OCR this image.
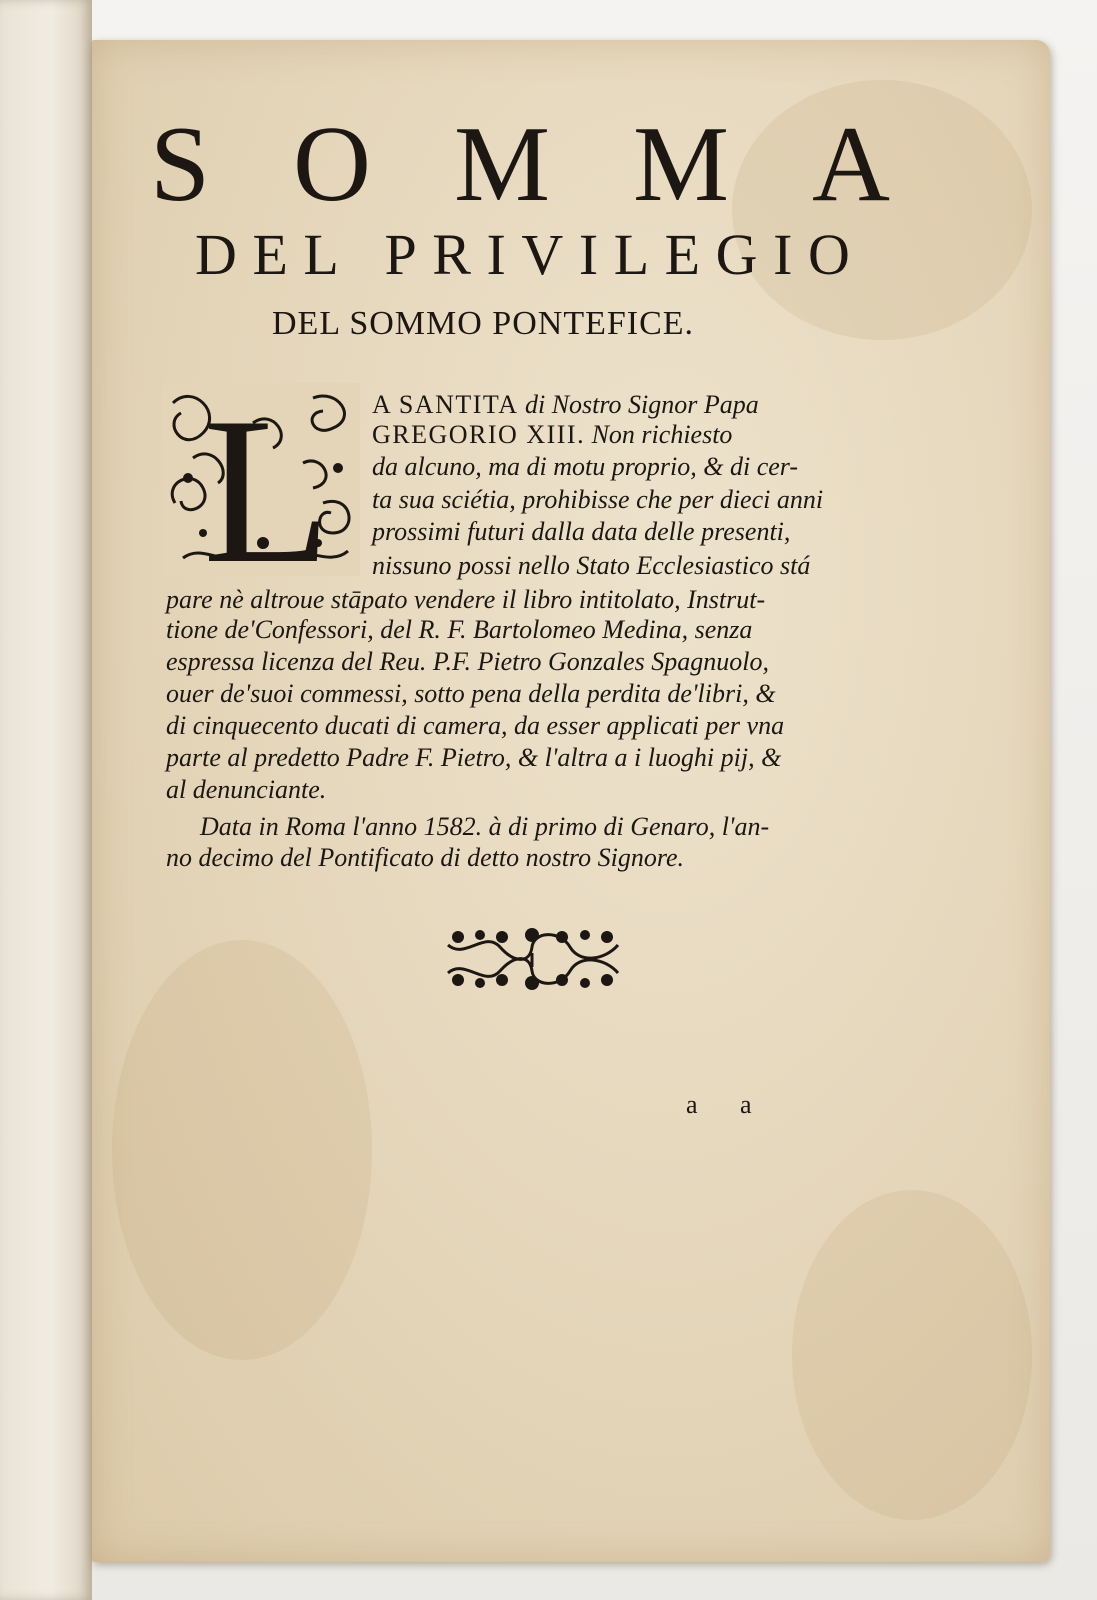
S O M M A
D E L
P R I V I L E G I O
DEL SOMMO PONTEFICE.
L A SANTITA di Nostro Signor Papa
GREGORIO XIII. Non richiesto
da alcuno, ma di motu proprio, & di cer-
ta sua sciétia, prohibisse che per dieci anni
prossimi futuri dalla data delle presenti,
nissuno possi nello Stato Ecclesiastico stá
pare nè altroue stāpato vendere il libro intitolato, Instrut-
tione de'Confessori, del R. F. Bartolomeo Medina, senza
espressa licenza del Reu. P.F. Pietro Gonzales Spagnuolo,
ouer de'suoi commessi, sotto pena della perdita de'libri, &
di cinquecento ducati di camera, da esser applicati per vna
parte al predetto Padre F. Pietro, & l'altra a i luoghi pij, &
al denunciante.
Data in Roma l'anno 1582. à di primo di Genaro, l'an-
no decimo del Pontificato di detto nostro Signore.
a a
